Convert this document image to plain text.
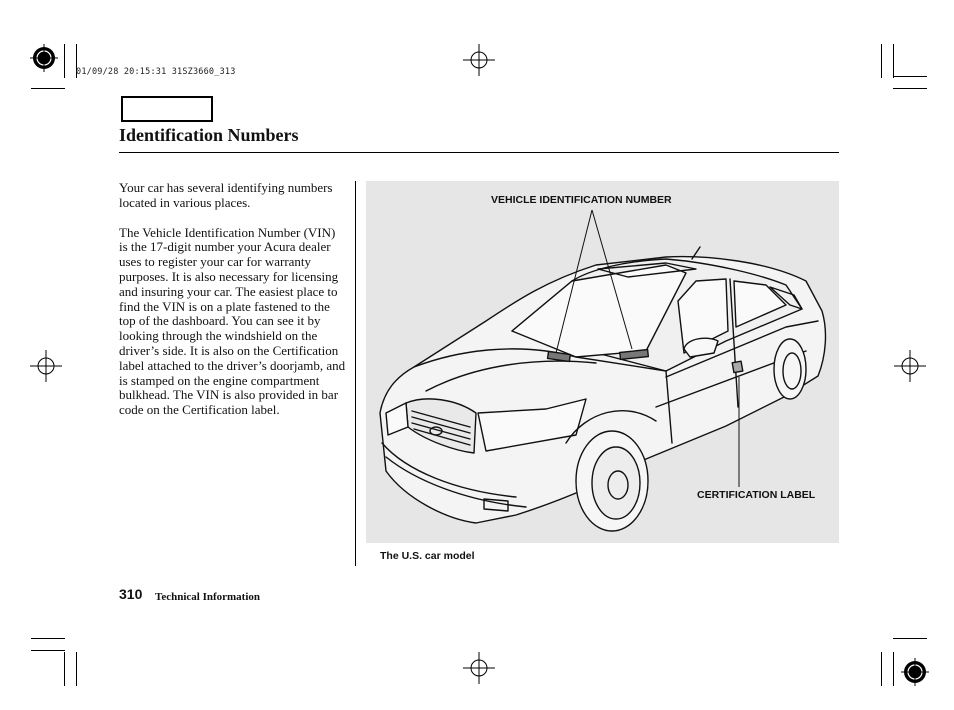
01/09/28 20:15:31 31SZ3660_313
Identification Numbers

Your car has several identifying numbers located in various places.

The Vehicle Identification Number (VIN) is the 17-digit number your Acura dealer uses to register your car for warranty purposes. It is also necessary for licensing and insuring your car. The easiest place to find the VIN is on a plate fastened to the top of the dashboard. You can see it by looking through the windshield on the driver’s side. It is also on the Certification label attached to the driver’s doorjamb, and is stamped on the engine compartment bulkhead. The VIN is also provided in bar code on the Certification label.

VEHICLE IDENTIFICATION NUMBER
CERTIFICATION LABEL
The U.S. car model
310 Technical Information
